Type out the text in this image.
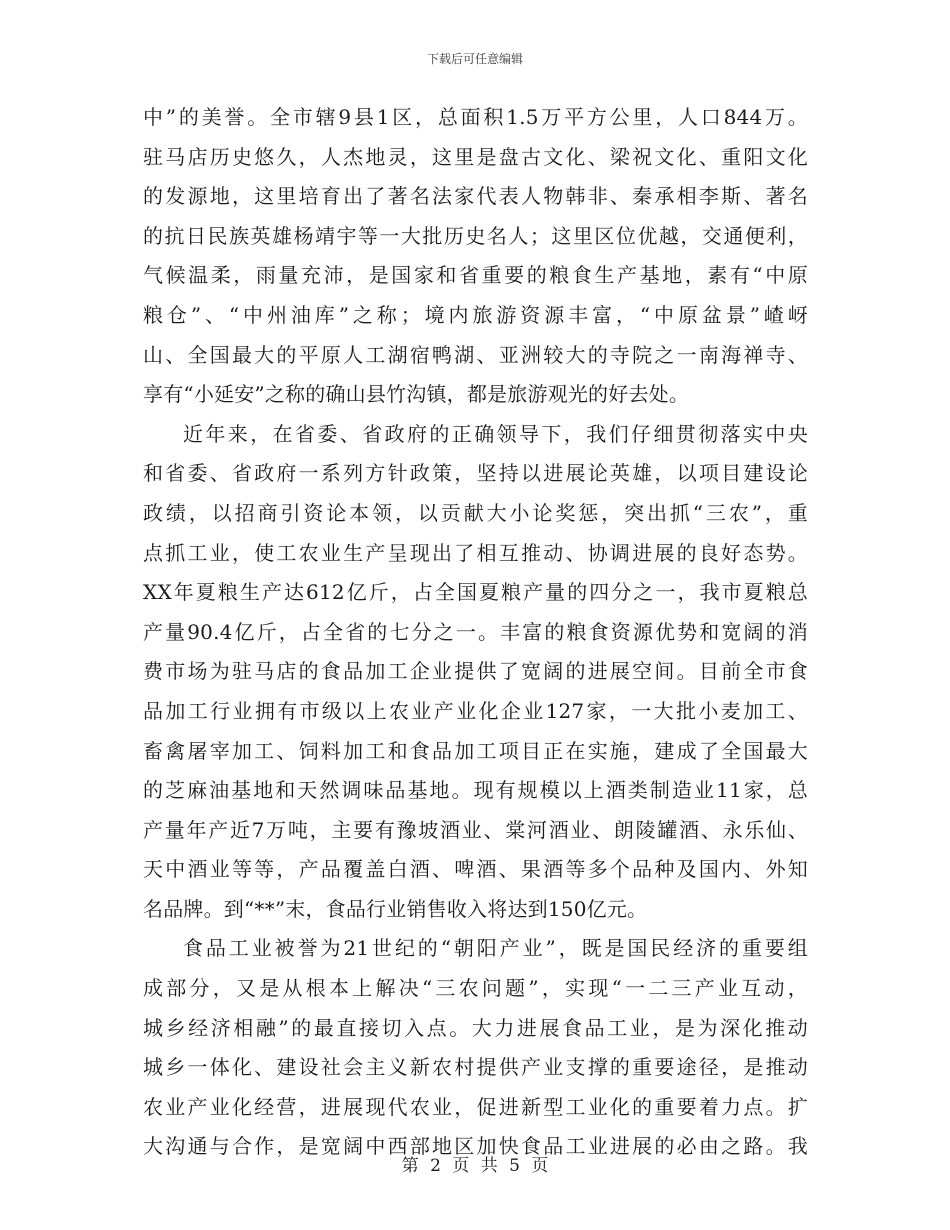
下载后可任意编辑
中”的美誉。全市辖9县1区，总面积1.5万平方公里，人口844万。
驻马店历史悠久，人杰地灵，这里是盘古文化、梁祝文化、重阳文化
的发源地，这里培育出了著名法家代表人物韩非、秦承相李斯、著名
的抗日民族英雄杨靖宇等一大批历史名人；这里区位优越，交通便利，
气候温柔，雨量充沛，是国家和省重要的粮食生产基地，素有“中原
粮仓”、“中州油库”之称；境内旅游资源丰富，“中原盆景”嵖岈
山、全国最大的平原人工湖宿鸭湖、亚洲较大的寺院之一南海禅寺、
享有“小延安”之称的确山县竹沟镇，都是旅游观光的好去处。
近年来，在省委、省政府的正确领导下，我们仔细贯彻落实中央
和省委、省政府一系列方针政策，坚持以进展论英雄，以项目建设论
政绩，以招商引资论本领，以贡献大小论奖惩，突出抓“三农”，重
点抓工业，使工农业生产呈现出了相互推动、协调进展的良好态势。
XX年夏粮生产达612亿斤，占全国夏粮产量的四分之一，我市夏粮总
产量90.4亿斤，占全省的七分之一。丰富的粮食资源优势和宽阔的消
费市场为驻马店的食品加工企业提供了宽阔的进展空间。目前全市食
品加工行业拥有市级以上农业产业化企业127家，一大批小麦加工、
畜禽屠宰加工、饲料加工和食品加工项目正在实施，建成了全国最大
的芝麻油基地和天然调味品基地。现有规模以上酒类制造业11家，总
产量年产近7万吨，主要有豫坡酒业、棠河酒业、朗陵罐酒、永乐仙、
天中酒业等等，产品覆盖白酒、啤酒、果酒等多个品种及国内、外知
名品牌。到“**”末，食品行业销售收入将达到150亿元。
食品工业被誉为21世纪的“朝阳产业”，既是国民经济的重要组
成部分，又是从根本上解决“三农问题”，实现“一二三产业互动，
城乡经济相融”的最直接切入点。大力进展食品工业，是为深化推动
城乡一体化、建设社会主义新农村提供产业支撑的重要途径，是推动
农业产业化经营，进展现代农业，促进新型工业化的重要着力点。扩
大沟通与合作，是宽阔中西部地区加快食品工业进展的必由之路。我
第 2 页 共 5 页
